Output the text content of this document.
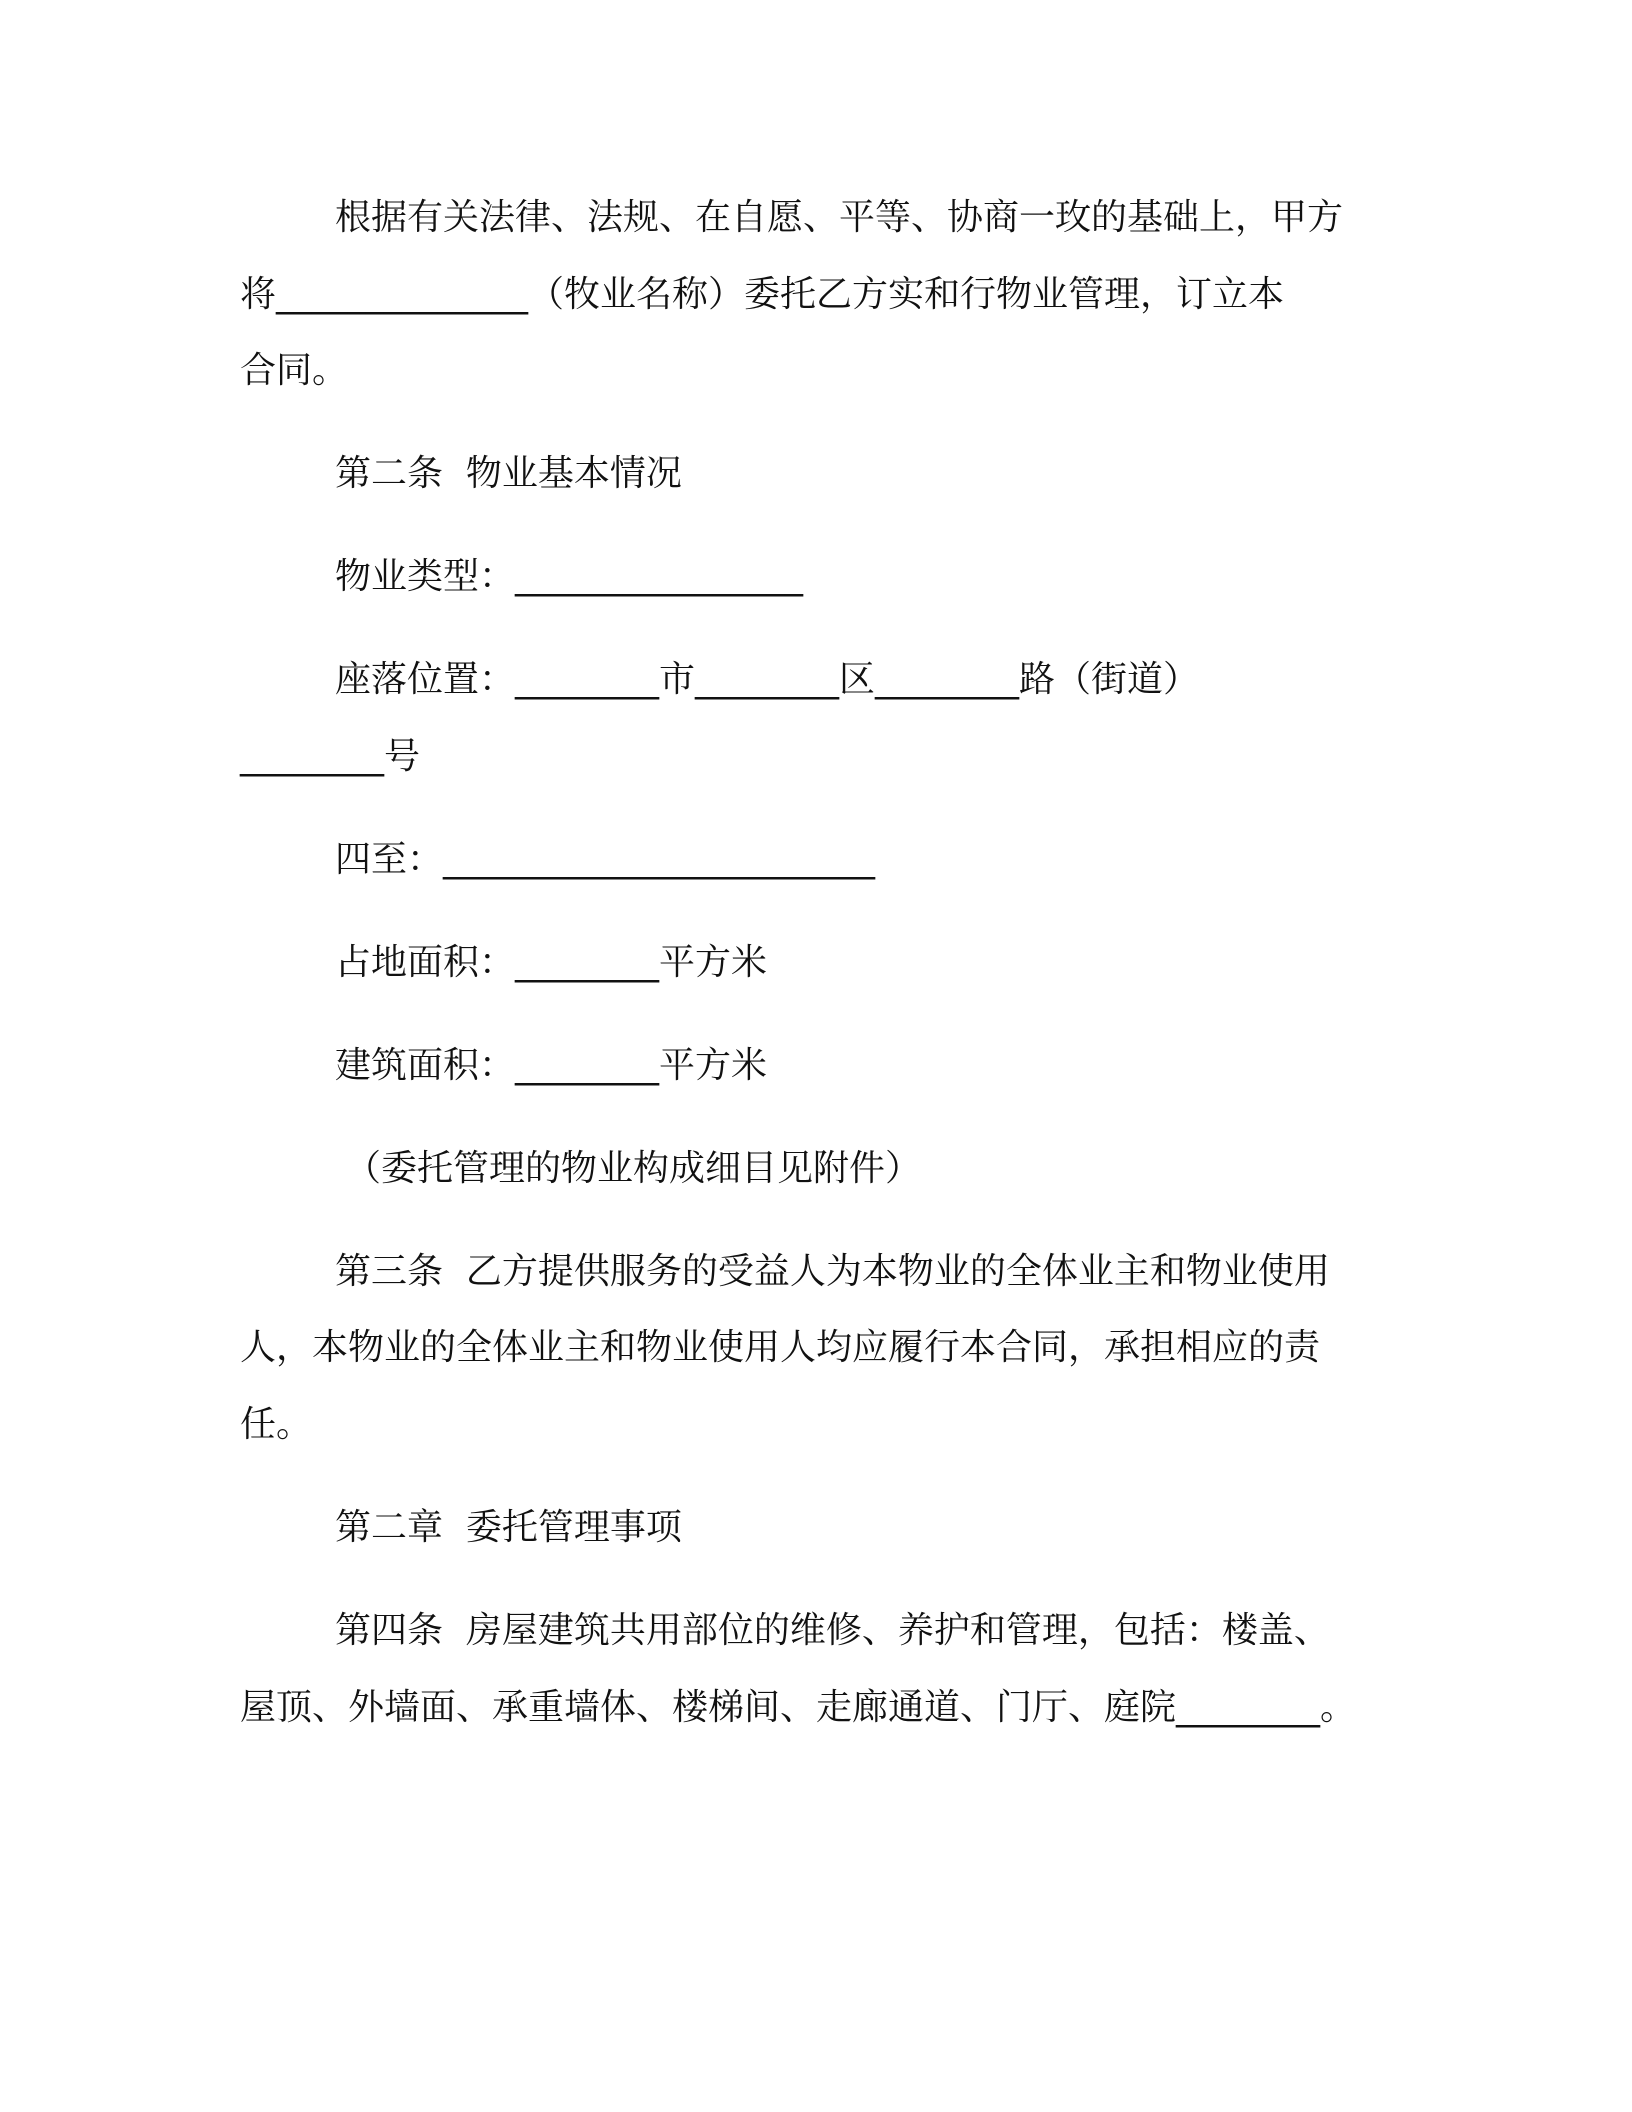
根据有关法律、法规、在自愿、平等、协商一玫的基础上，甲方
将______________（牧业名称）委托乙方实和行物业管理，订立本
合同。
第二条  物业基本情况
物业类型：________________
座落位置：________市________区________路（街道）
________号
四至：________________________
占地面积：________平方米
建筑面积：________平方米
（委托管理的物业构成细目见附件）
第三条  乙方提供服务的受益人为本物业的全体业主和物业使用
人，本物业的全体业主和物业使用人均应履行本合同，承担相应的责
任。
第二章  委托管理事项
第四条  房屋建筑共用部位的维修、养护和管理，包括：楼盖、
屋顶、外墙面、承重墙体、楼梯间、走廊通道、门厅、庭院________。
